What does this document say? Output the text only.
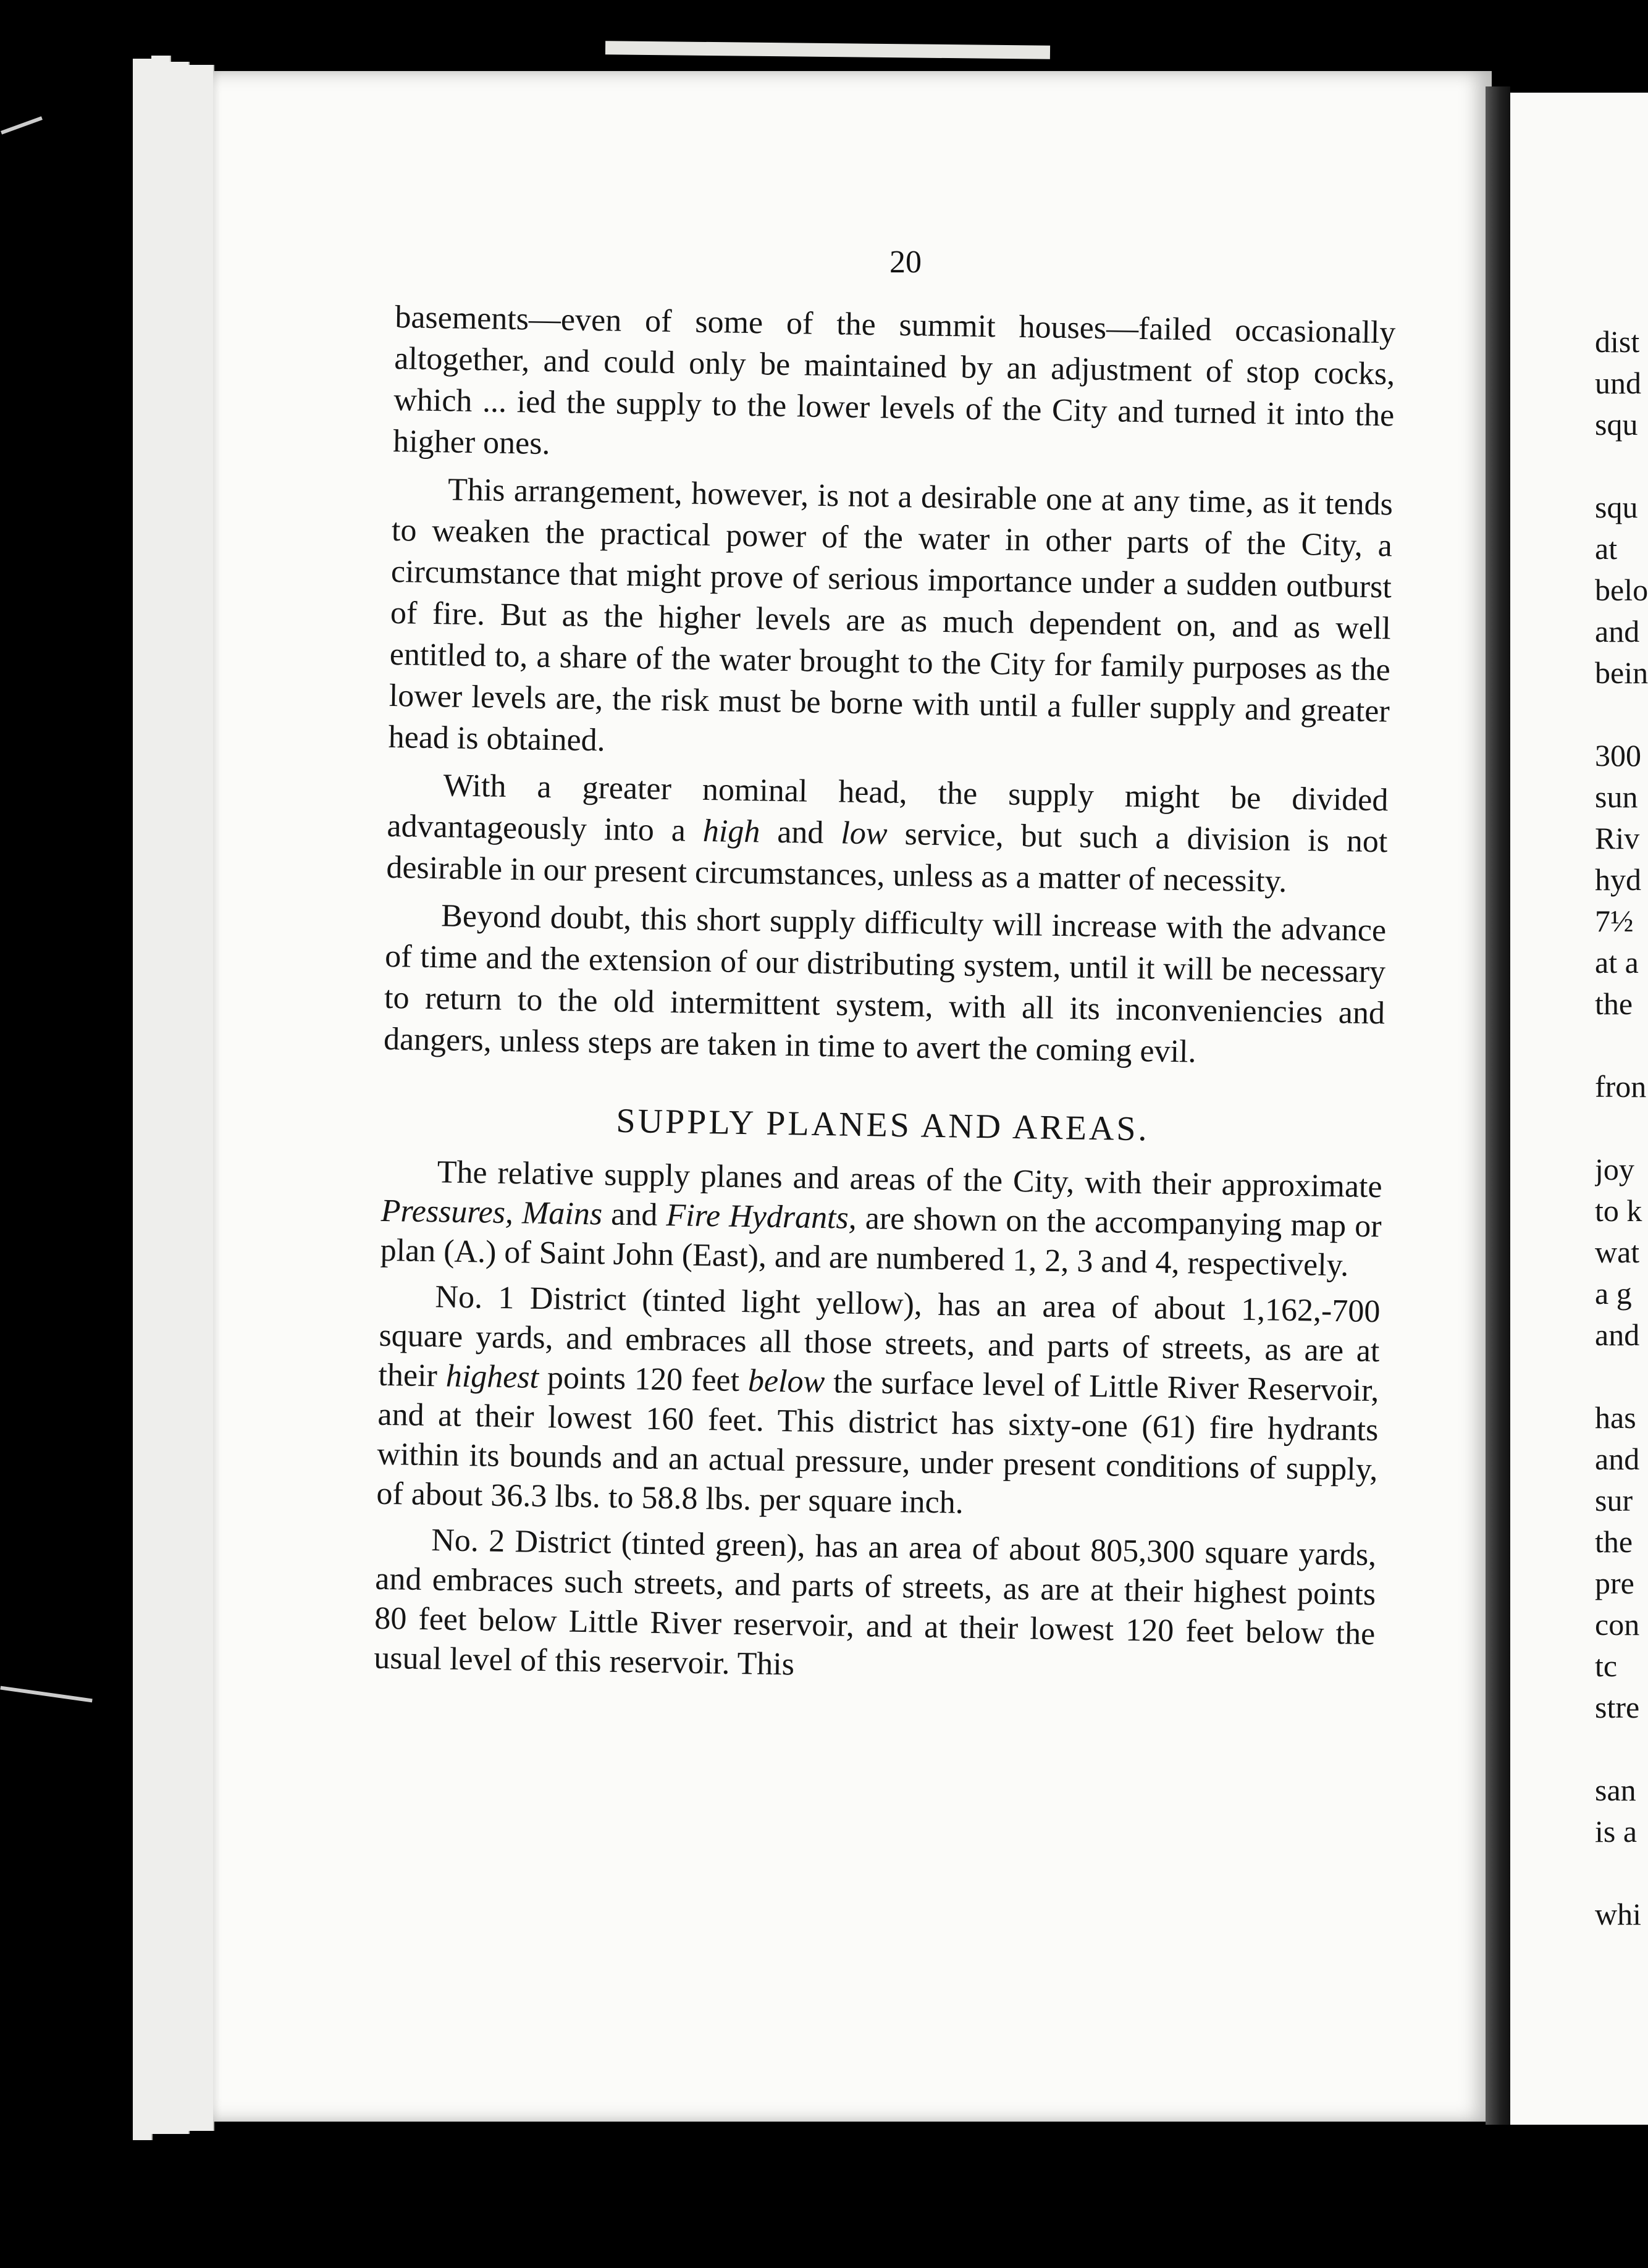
20

basements—even of some of the summit houses—failed occasionally altogether, and could only be maintained by an adjustment of stop cocks, which ... ied the supply to the lower levels of the City and turned it into the higher ones.

This arrangement, however, is not a desirable one at any time, as it tends to weaken the practical power of the water in other parts of the City, a circumstance that might prove of serious importance under a sudden outburst of fire. But as the higher levels are as much dependent on, and as well entitled to, a share of the water brought to the City for family purposes as the lower levels are, the risk must be borne with until a fuller supply and greater head is obtained.

With a greater nominal head, the supply might be divided advantageously into a high and low service, but such a division is not desirable in our present circumstances, unless as a matter of necessity.

Beyond doubt, this short supply difficulty will increase with the advance of time and the extension of our distributing system, until it will be necessary to return to the old intermittent system, with all its inconveniencies and dangers, unless steps are taken in time to avert the coming evil.

SUPPLY PLANES AND AREAS.

The relative supply planes and areas of the City, with their approximate Pressures, Mains and Fire Hydrants, are shown on the accompanying map or plan (A.) of Saint John (East), and are numbered 1, 2, 3 and 4, respectively.

No. 1 District (tinted light yellow), has an area of about 1,162,-700 square yards, and embraces all those streets, and parts of streets, as are at their highest points 120 feet below the surface level of Little River Reservoir, and at their lowest 160 feet. This district has sixty-one (61) fire hydrants within its bounds and an actual pressure, under present conditions of supply, of about 36.3 lbs. to 58.8 lbs. per square inch.

No. 2 District (tinted green), has an area of about 805,300 square yards, and embraces such streets, and parts of streets, as are at their highest points 80 feet below Little River reservoir, and at their lowest 120 feet below the usual level of this reservoir. This

dist
und
squ
squ
at
belo
and
bein
300
sun
Riv
hyd
7½
at a
the
fron
joy
to k
wat
a g
and
has
and
sur
the
pre
con
tc
stre
san
is a
whi
